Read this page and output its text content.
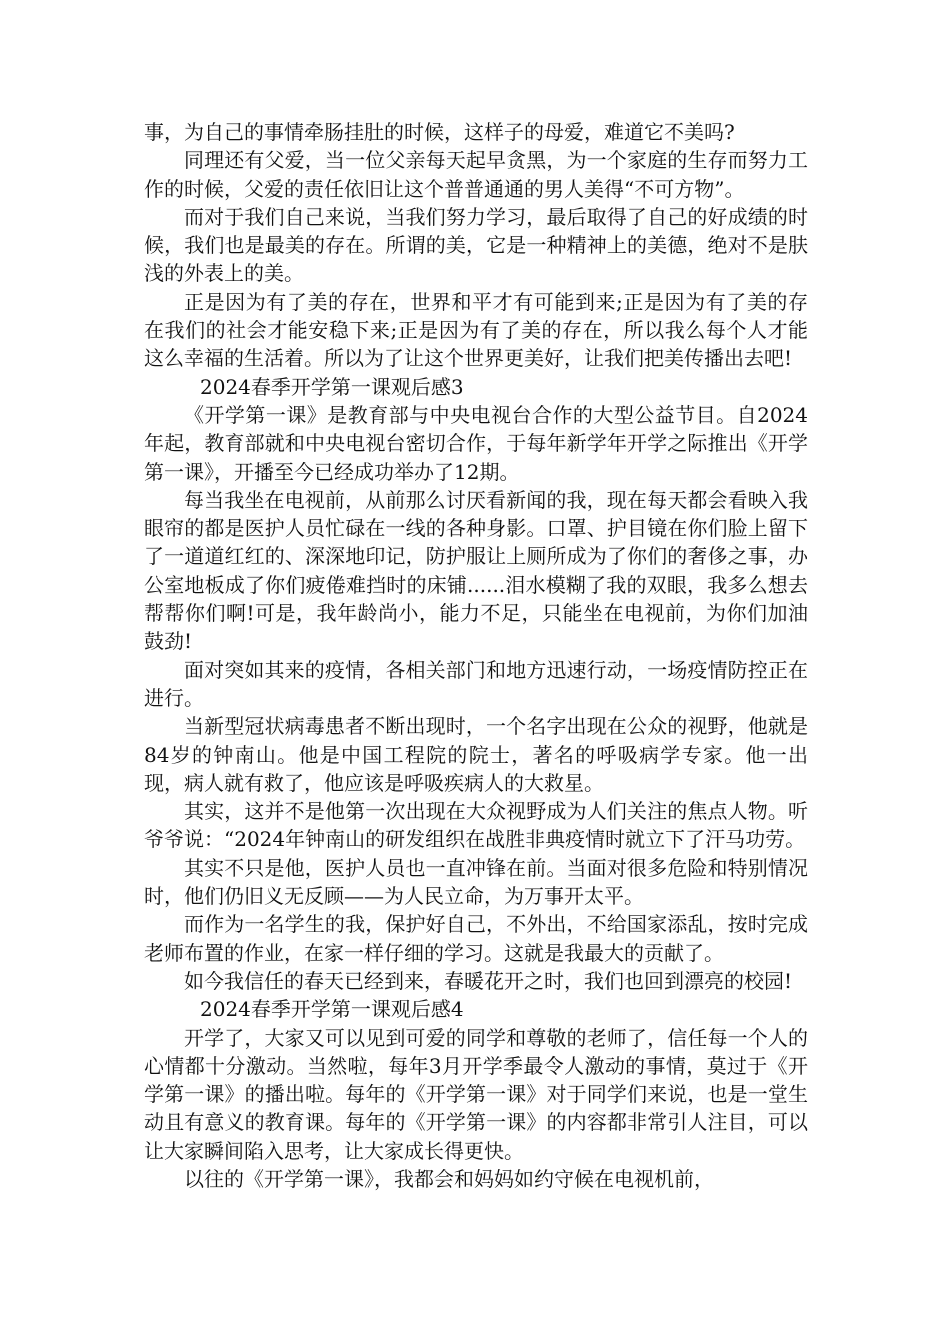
事，为自己的事情牵肠挂肚的时候，这样子的母爱，难道它不美吗?

同理还有父爱，当一位父亲每天起早贪黑，为一个家庭的生存而努力工作的时候，父爱的责任依旧让这个普普通通的男人美得“不可方物”。

而对于我们自己来说，当我们努力学习，最后取得了自己的好成绩的时候，我们也是最美的存在。所谓的美，它是一种精神上的美德，绝对不是肤浅的外表上的美。

正是因为有了美的存在，世界和平才有可能到来;正是因为有了美的存在我们的社会才能安稳下来;正是因为有了美的存在，所以我么每个人才能这么幸福的生活着。所以为了让这个世界更美好，让我们把美传播出去吧!

2024春季开学第一课观后感3

《开学第一课》是教育部与中央电视台合作的大型公益节目。自2024年起，教育部就和中央电视台密切合作，于每年新学年开学之际推出《开学第一课》，开播至今已经成功举办了12期。

每当我坐在电视前，从前那么讨厌看新闻的我，现在每天都会看映入我眼帘的都是医护人员忙碌在一线的各种身影。口罩、护目镜在你们脸上留下了一道道红红的、深深地印记，防护服让上厕所成为了你们的奢侈之事，办公室地板成了你们疲倦难挡时的床铺......泪水模糊了我的双眼，我多么想去帮帮你们啊!可是，我年龄尚小，能力不足，只能坐在电视前，为你们加油鼓劲!

面对突如其来的疫情，各相关部门和地方迅速行动，一场疫情防控正在进行。

当新型冠状病毒患者不断出现时，一个名字出现在公众的视野，他就是84岁的钟南山。他是中国工程院的院士，著名的呼吸病学专家。他一出现，病人就有救了，他应该是呼吸疾病人的大救星。

其实，这并不是他第一次出现在大众视野成为人们关注的焦点人物。听爷爷说：“2024年钟南山的研发组织在战胜非典疫情时就立下了汗马功劳。

其实不只是他，医护人员也一直冲锋在前。当面对很多危险和特别情况时，他们仍旧义无反顾——为人民立命，为万事开太平。

而作为一名学生的我，保护好自己，不外出，不给国家添乱，按时完成老师布置的作业，在家一样仔细的学习。这就是我最大的贡献了。

如今我信任的春天已经到来，春暖花开之时，我们也回到漂亮的校园!

2024春季开学第一课观后感4

开学了，大家又可以见到可爱的同学和尊敬的老师了，信任每一个人的心情都十分激动。当然啦，每年3月开学季最令人激动的事情，莫过于《开学第一课》的播出啦。每年的《开学第一课》对于同学们来说，也是一堂生动且有意义的教育课。每年的《开学第一课》的内容都非常引人注目，可以让大家瞬间陷入思考，让大家成长得更快。

以往的《开学第一课》，我都会和妈妈如约守候在电视机前，
